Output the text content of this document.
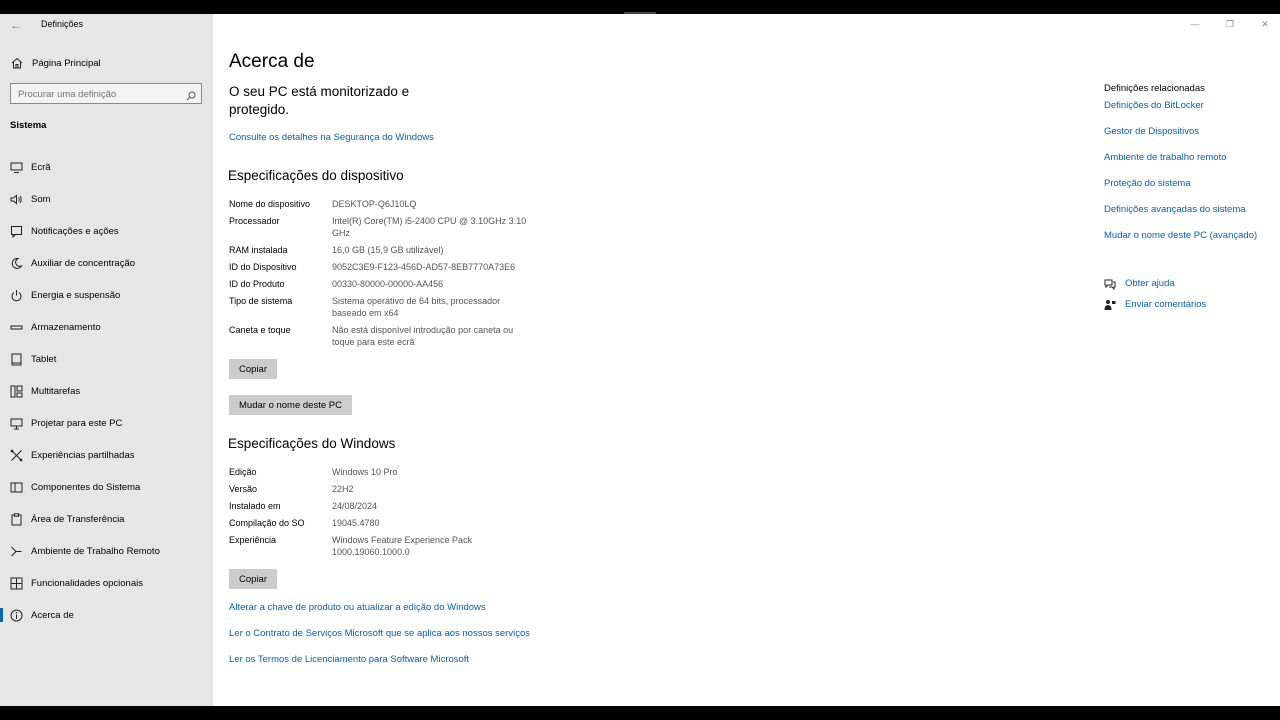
← Definições
Página Principal
Procurar uma definição
Sistema
Ecrã
Som
Notificações e ações
Auxiliar de concentração
Energia e suspensão
Armazenamento
Tablet
Multitarefas
Projetar para este PC
Experiências partilhadas
Componentes do Sistema
Área de Transferência
Ambiente de Trabalho Remoto
Funcionalidades opcionais
Acerca de
Acerca de
O seu PC está monitorizado e protegido.
Consulte os detalhes na Segurança do Windows
Especificações do dispositivo
Nome do dispositivo	DESKTOP-Q6J10LQ
Processador	Intel(R) Core(TM) i5-2400 CPU @ 3.10GHz 3.10 GHz
RAM instalada	16,0 GB (15,9 GB utilizável)
ID do Dispositivo	9052C3E9-F123-456D-AD57-8EB7770A73E6
ID do Produto	00330-80000-00000-AA456
Tipo de sistema	Sistema operativo de 64 bits, processador baseado em x64
Caneta e toque	Não está disponível introdução por caneta ou toque para este ecrã
Copiar
Mudar o nome deste PC
Especificações do Windows
Edição	Windows 10 Pro
Versão	22H2
Instalado em	24/08/2024
Compilação do SO	19045.4780
Experiência	Windows Feature Experience Pack 1000.19060.1000.0
Copiar
Alterar a chave de produto ou atualizar a edição do Windows
Ler o Contrato de Serviços Microsoft que se aplica aos nossos serviços
Ler os Termos de Licenciamento para Software Microsoft
—	❐	✕
Definições relacionadas
Definições do BitLocker
Gestor de Dispositivos
Ambiente de trabalho remoto
Proteção do sistema
Definições avançadas do sistema
Mudar o nome deste PC (avançado)
Obter ajuda
Enviar comentários
